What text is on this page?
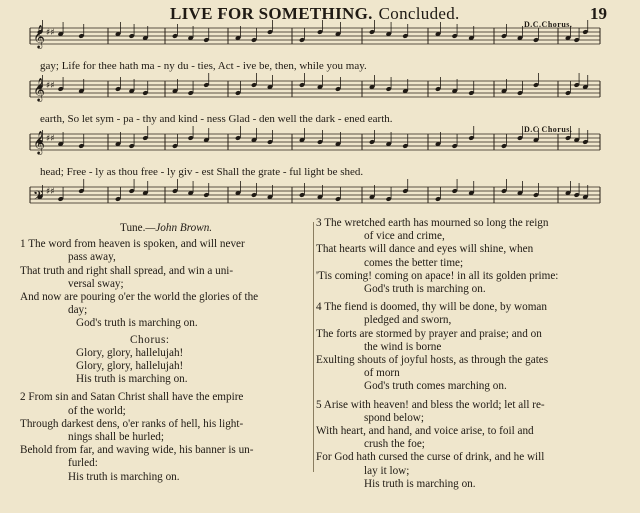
LIVE FOR SOMETHING. Concluded.	19
𝄞 ♯♯
𝄞 ♯♯
𝄞 ♯♯
𝄢 ♯♯
D.C.Chorus.
D.C Chorus.
gay; Life for thee hath ma - ny du - ties, Act - ive be, then, while you may.
earth, So let sym - pa - thy and kind - ness Glad - den well the dark - ened earth.
head; Free - ly as thou free - ly giv - est Shall the grate - ful light be shed.
Tune.—John Brown.
1 The word from heaven is spoken, and will never
pass away,
That truth and right shall spread, and win a uni-
versal sway;
And now are pouring o'er the world the glories of the
day;
God's truth is marching on.
Chorus:
Glory, glory, hallelujah!
Glory, glory, hallelujah!
His truth is marching on.
2 From sin and Satan Christ shall have the empire
of the world;
Through darkest dens, o'er ranks of hell, his light-
nings shall be hurled;
Behold from far, and waving wide, his banner is un-
furled:
His truth is marching on.
3 The wretched earth has mourned so long the reign
of vice and crime,
That hearts will dance and eyes will shine, when
comes the better time;
'Tis coming! coming on apace! in all its golden prime:
God's truth is marching on.
4 The fiend is doomed, thy will be done, by woman
pledged and sworn,
The forts are stormed by prayer and praise; and on
the wind is borne
Exulting shouts of joyful hosts, as through the gates
of morn
God's truth comes marching on.
5 Arise with heaven! and bless the world; let all re-
spond below;
With heart, and hand, and voice arise, to foil and
crush the foe;
For God hath cursed the curse of drink, and he will
lay it low;
His truth is marching on.
